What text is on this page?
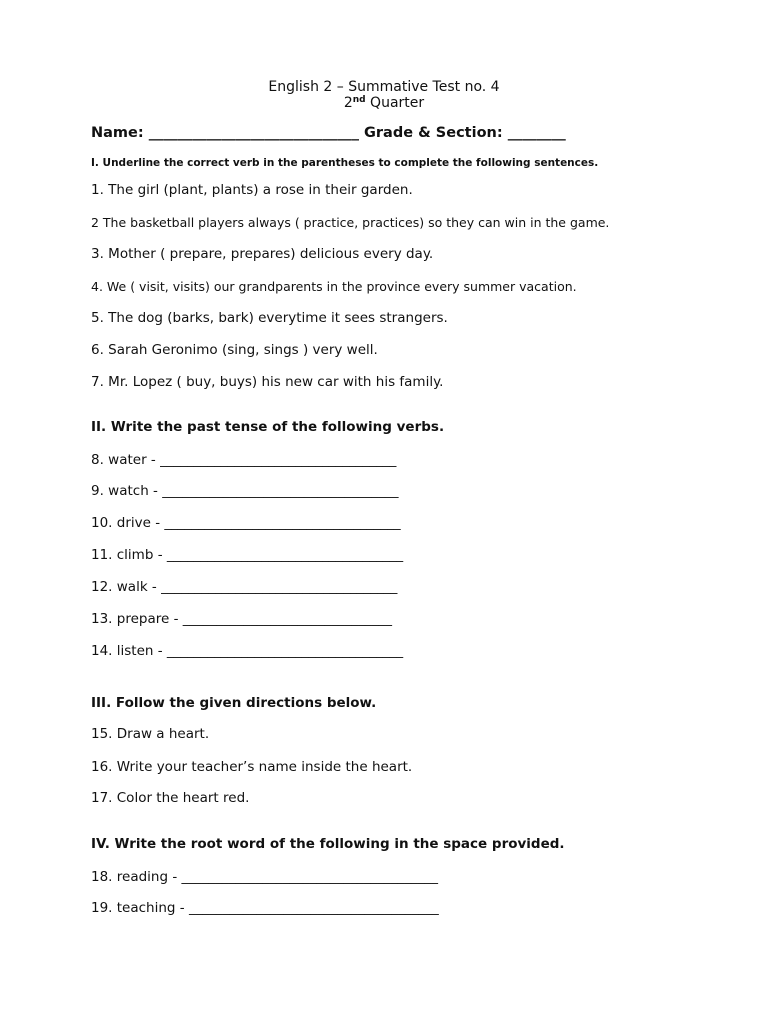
English 2 – Summative Test no. 4
2nd Quarter
Name: _____________________________ Grade & Section: ________
I. Underline the correct verb in the parentheses to complete the following sentences.
1. The girl (plant, plants) a rose in their garden.
2 The basketball players always ( practice, practices) so they can win in the game.
3. Mother ( prepare, prepares) delicious every day.
4. We ( visit, visits) our grandparents in the province every summer vacation.
5. The dog (barks, bark) everytime it sees strangers.
6. Sarah Geronimo (sing, sings ) very well.
7. Mr. Lopez ( buy, buys) his new car with his family.
II. Write the past tense of the following verbs.
8. water - ___________________________________
9. watch - ___________________________________
10. drive - ___________________________________
11. climb - ___________________________________
12. walk - ___________________________________
13. prepare - _______________________________
14. listen - ___________________________________
III. Follow the given directions below.
15. Draw a heart.
16. Write your teacher’s name inside the heart.
17. Color the heart red.
IV. Write the root word of the following in the space provided.
18. reading - ______________________________________
19. teaching - _____________________________________
